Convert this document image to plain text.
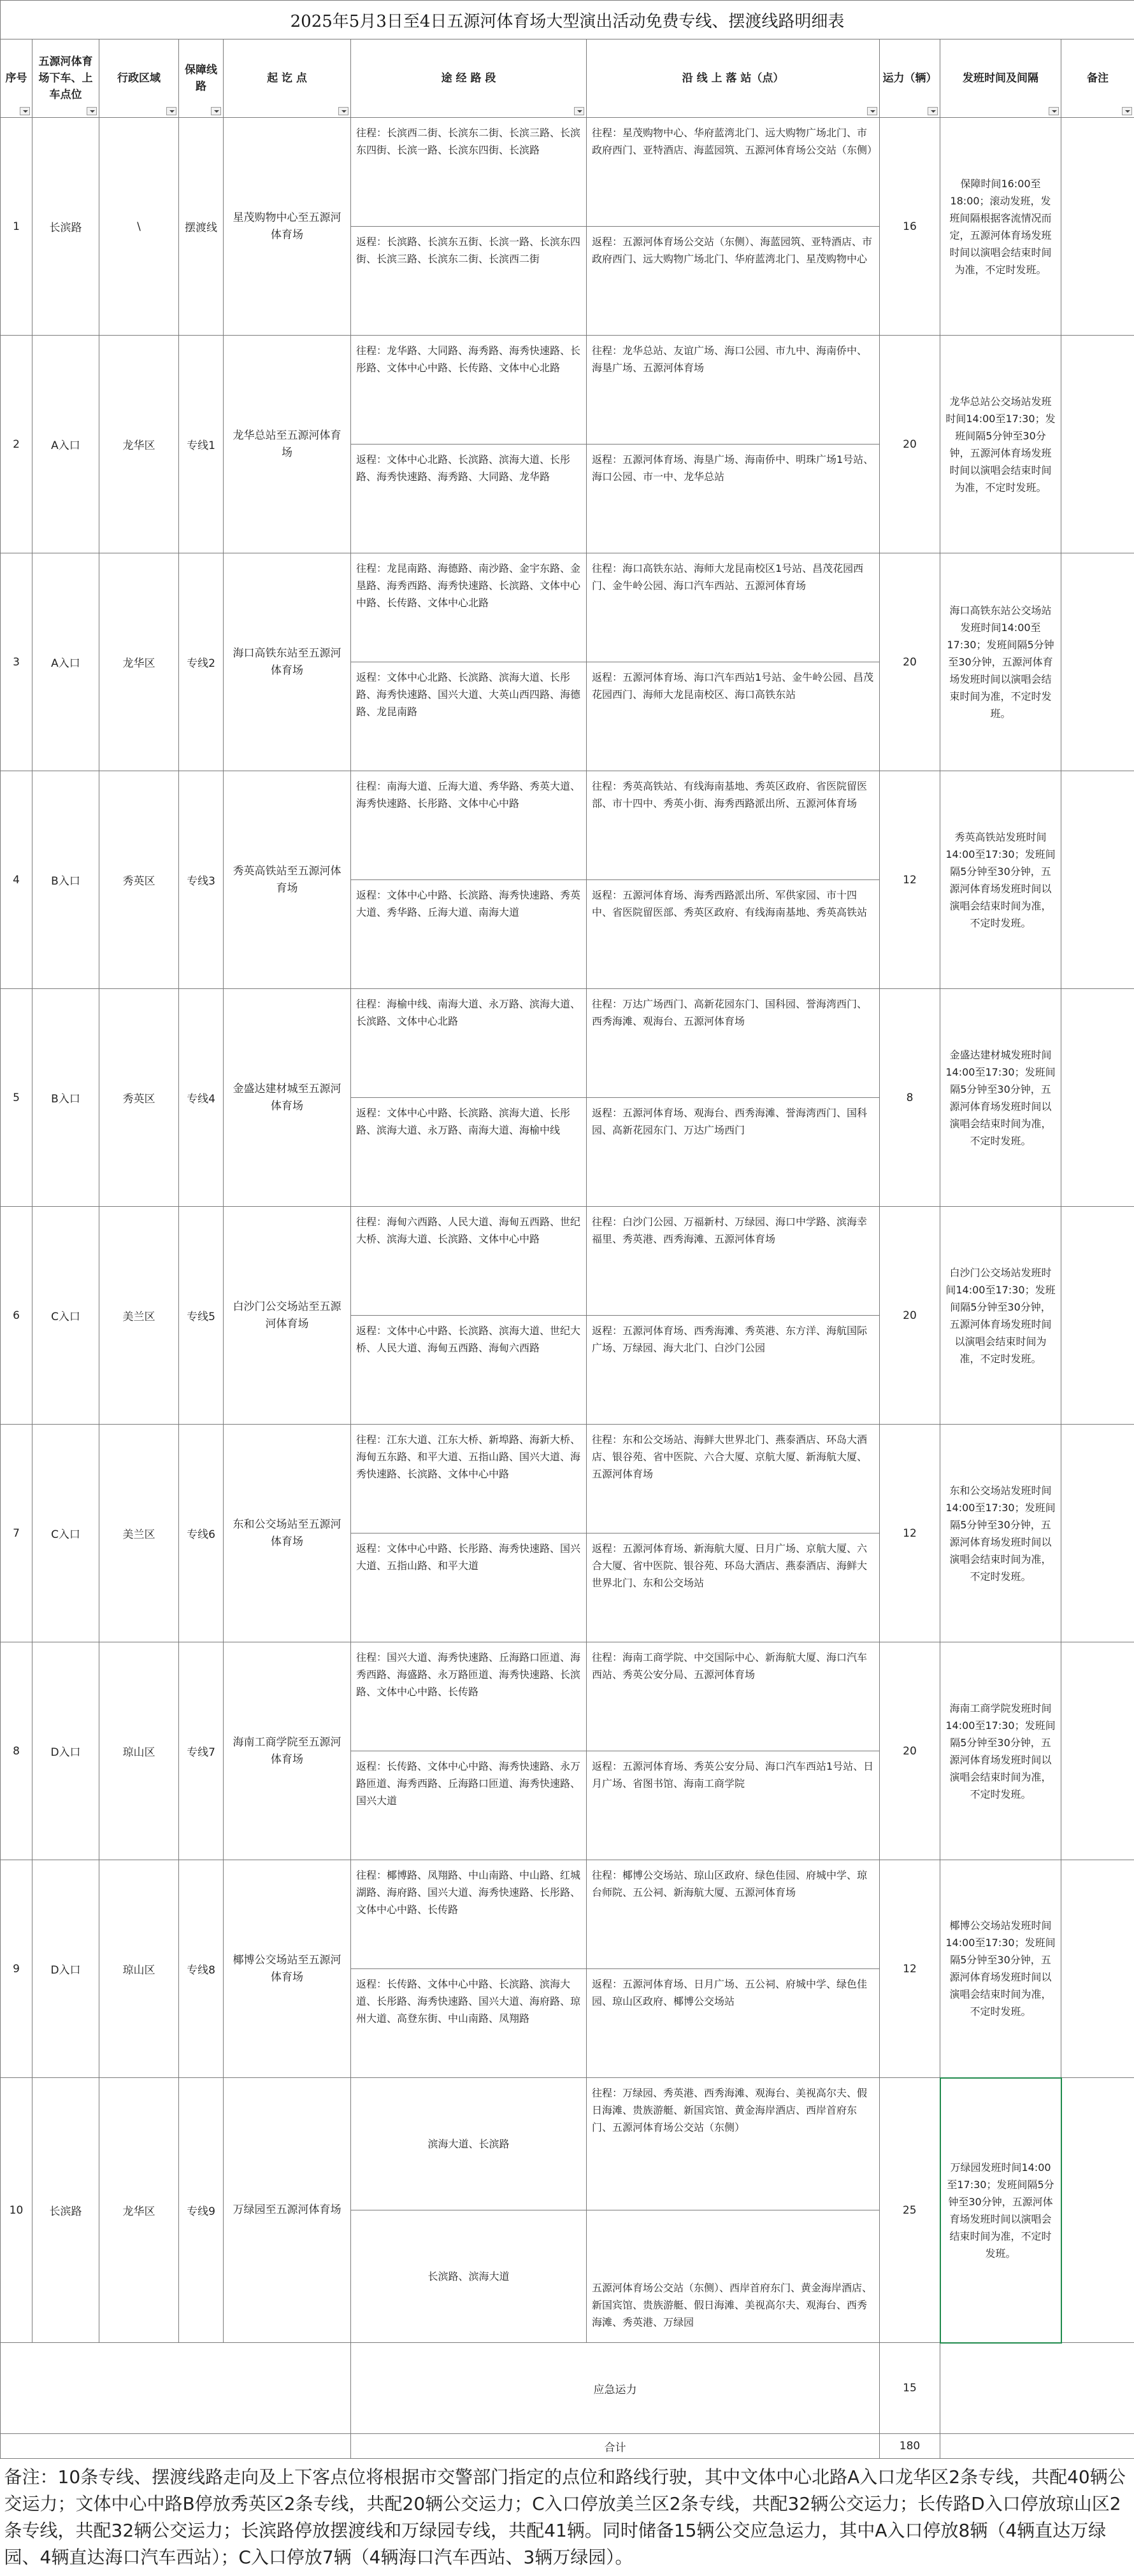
2025年5月3日至4日五源河体育场大型演出活动免费专线、摆渡线路明细表									
序号	五源河体育场下车、上车点位	行政区域	保障线路	起 讫 点	途 经 路 段	沿 线 上 落 站（点）	运力（辆）	发班时间及间隔	备注

1	长滨路	\	摆渡线	星茂购物中心至五源河体育场	往程：长滨西二街、长滨东二街、长滨三路、长滨东四街、长滨一路、长滨东四街、长滨路	往程：星茂购物中心、华府蓝湾北门、远大购物广场北门、市政府西门、亚特酒店、海蓝园筑、五源河体育场公交站（东侧）	16	保障时间16:00至18:00；滚动发班，发班间隔根据客流情况而定，五源河体育场发班时间以演唱会结束时间为准，不定时发班。	
					返程：长滨路、长滨东五街、长滨一路、长滨东四街、长滨三路、长滨东二街、长滨西二街	返程：五源河体育场公交站（东侧）、海蓝园筑、亚特酒店、市政府西门、远大购物广场北门、华府蓝湾北门、星茂购物中心			
2	A入口	龙华区	专线1	龙华总站至五源河体育场	往程：龙华路、大同路、海秀路、海秀快速路、长彤路、文体中心中路、长传路、文体中心北路	往程：龙华总站、友谊广场、海口公园、市九中、海南侨中、海垦广场、五源河体育场	20	龙华总站公交场站发班时间14:00至17:30；发班间隔5分钟至30分钟，五源河体育场发班时间以演唱会结束时间为准，不定时发班。	
					返程：文体中心北路、长滨路、滨海大道、长彤路、海秀快速路、海秀路、大同路、龙华路	返程：五源河体育场、海垦广场、海南侨中、明珠广场1号站、海口公园、市一中、龙华总站			
3	A入口	龙华区	专线2	海口高铁东站至五源河体育场	往程：龙昆南路、海德路、南沙路、金宇东路、金垦路、海秀西路、海秀快速路、长滨路、文体中心中路、长传路、文体中心北路	往程：海口高铁东站、海师大龙昆南校区1号站、昌茂花园西门、金牛岭公园、海口汽车西站、五源河体育场	20	海口高铁东站公交场站发班时间14:00至17:30；发班间隔5分钟至30分钟，五源河体育场发班时间以演唱会结束时间为准，不定时发班。	
					返程：文体中心北路、长滨路、滨海大道、长彤路、海秀快速路、国兴大道、大英山西四路、海德路、龙昆南路	返程：五源河体育场、海口汽车西站1号站、金牛岭公园、昌茂花园西门、海师大龙昆南校区、海口高铁东站			
4	B入口	秀英区	专线3	秀英高铁站至五源河体育场	往程：南海大道、丘海大道、秀华路、秀英大道、海秀快速路、长彤路、文体中心中路	往程：秀英高铁站、有线海南基地、秀英区政府、省医院留医部、市十四中、秀英小街、海秀西路派出所、五源河体育场	12	秀英高铁站发班时间14:00至17:30；发班间隔5分钟至30分钟，五源河体育场发班时间以演唱会结束时间为准，不定时发班。	
					返程：文体中心中路、长滨路、海秀快速路、秀英大道、秀华路、丘海大道、南海大道	返程：五源河体育场、海秀西路派出所、军供家园、市十四中、省医院留医部、秀英区政府、有线海南基地、秀英高铁站			
5	B入口	秀英区	专线4	金盛达建材城至五源河体育场	往程：海榆中线、南海大道、永万路、滨海大道、长滨路、文体中心北路	往程：万达广场西门、高新花园东门、国科园、誉海湾西门、西秀海滩、观海台、五源河体育场	8	金盛达建材城发班时间14:00至17:30；发班间隔5分钟至30分钟，五源河体育场发班时间以演唱会结束时间为准，不定时发班。	
					返程：文体中心中路、长滨路、滨海大道、长彤路、滨海大道、永万路、南海大道、海榆中线	返程：五源河体育场、观海台、西秀海滩、誉海湾西门、国科园、高新花园东门、万达广场西门			
6	C入口	美兰区	专线5	白沙门公交场站至五源河体育场	往程：海甸六西路、人民大道、海甸五西路、世纪大桥、滨海大道、长滨路、文体中心中路	往程：白沙门公园、万福新村、万绿园、海口中学路、滨海幸福里、秀英港、西秀海滩、五源河体育场	20	白沙门公交场站发班时间14:00至17:30；发班间隔5分钟至30分钟，五源河体育场发班时间以演唱会结束时间为准，不定时发班。	
					返程：文体中心中路、长滨路、滨海大道、世纪大桥、人民大道、海甸五西路、海甸六西路	返程：五源河体育场、西秀海滩、秀英港、东方洋、海航国际广场、万绿园、海大北门、白沙门公园			
7	C入口	美兰区	专线6	东和公交场站至五源河体育场	往程：江东大道、江东大桥、新埠路、海新大桥、海甸五东路、和平大道、五指山路、国兴大道、海秀快速路、长滨路、文体中心中路	往程：东和公交场站、海鲜大世界北门、燕泰酒店、环岛大酒店、银谷苑、省中医院、六合大厦、京航大厦、新海航大厦、五源河体育场	12	东和公交场站发班时间14:00至17:30；发班间隔5分钟至30分钟，五源河体育场发班时间以演唱会结束时间为准，不定时发班。	
					返程：文体中心中路、长彤路、海秀快速路、国兴大道、五指山路、和平大道	返程：五源河体育场、新海航大厦、日月广场、京航大厦、六合大厦、省中医院、银谷苑、环岛大酒店、燕泰酒店、海鲜大世界北门、东和公交场站			
8	D入口	琼山区	专线7	海南工商学院至五源河体育场	往程：国兴大道、海秀快速路、丘海路口匝道、海秀西路、海盛路、永万路匝道、海秀快速路、长滨路、文体中心中路、长传路	往程：海南工商学院、中交国际中心、新海航大厦、海口汽车西站、秀英公安分局、五源河体育场	20	海南工商学院发班时间14:00至17:30；发班间隔5分钟至30分钟，五源河体育场发班时间以演唱会结束时间为准，不定时发班。	
					返程：长传路、文体中心中路、海秀快速路、永万路匝道、海秀西路、丘海路口匝道、海秀快速路、国兴大道	返程：五源河体育场、秀英公安分局、海口汽车西站1号站、日月广场、省图书馆、海南工商学院			
9	D入口	琼山区	专线8	椰博公交场站至五源河体育场	往程：椰博路、凤翔路、中山南路、中山路、红城湖路、海府路、国兴大道、海秀快速路、长彤路、文体中心中路、长传路	往程：椰博公交场站、琼山区政府、绿色佳园、府城中学、琼台师院、五公祠、新海航大厦、五源河体育场	12	椰博公交场站发班时间14:00至17:30；发班间隔5分钟至30分钟，五源河体育场发班时间以演唱会结束时间为准，不定时发班。	
					返程：长传路、文体中心中路、长滨路、滨海大道、长彤路、海秀快速路、国兴大道、海府路、琼州大道、高登东街、中山南路、凤翔路	返程：五源河体育场、日月广场、五公祠、府城中学、绿色佳园、琼山区政府、椰博公交场站			
10	长滨路	龙华区	专线9	万绿园至五源河体育场	滨海大道、长滨路	往程：万绿园、秀英港、西秀海滩、观海台、美视高尔夫、假日海滩、贵族游艇、新国宾馆、黄金海岸酒店、西岸首府东门、五源河体育场公交站（东侧）	25	万绿园发班时间14:00至17:30；发班间隔5分钟至30分钟，五源河体育场发班时间以演唱会结束时间为准，不定时发班。	
					长滨路、滨海大道	五源河体育场公交站（东侧）、西岸首府东门、黄金海岸酒店、新国宾馆、贵族游艇、假日海滩、美视高尔夫、观海台、西秀海滩、秀英港、万绿园			
					应急运力		15		
					合计		180		
备注：10条专线、摆渡线路走向及上下客点位将根据市交警部门指定的点位和路线行驶，其中文体中心北路A入口龙华区2条专线，共配40辆公交运力；文体中心中路B停放秀英区2条专线，共配20辆公交运力；C入口停放美兰区2条专线，共配32辆公交运力；长传路D入口停放琼山区2条专线，共配32辆公交运力；长滨路停放摆渡线和万绿园专线，共配41辆。同时储备15辆公交应急运力，其中A入口停放8辆（4辆直达万绿园、4辆直达海口汽车西站）；C入口停放7辆（4辆海口汽车西站、3辆万绿园）。									
